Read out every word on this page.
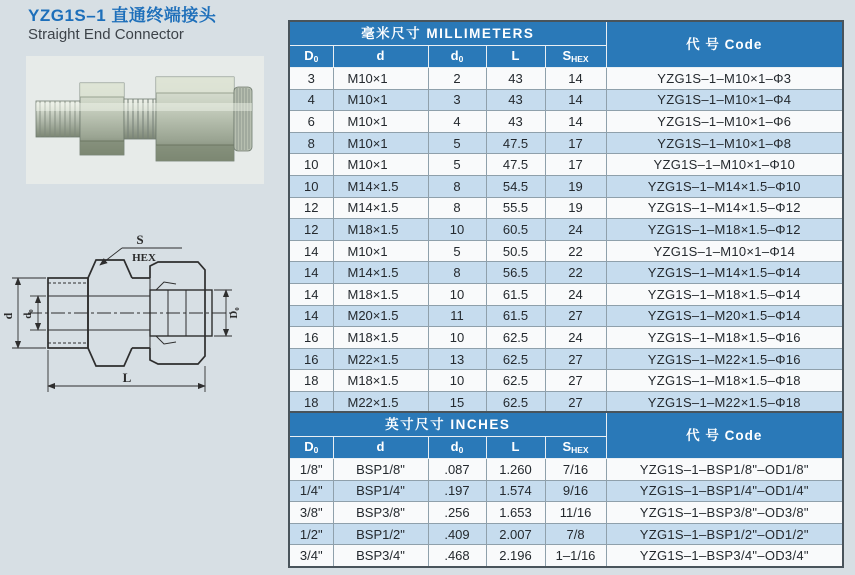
YZG1S–1 直通终端接头
Straight End Connector
S
HEX
d d₀	D₀
L
毫米尺寸 MILLIMETERS					代 号 Code
$D_0$	d	$d_0$	L	$S_{HEX}$
3	M10×1	2	43	14	YZG1S–1–M10×1–Φ3
4	M10×1	3	43	14	YZG1S–1–M10×1–Φ4
6	M10×1	4	43	14	YZG1S–1–M10×1–Φ6
8	M10×1	5	47.5	17	YZG1S–1–M10×1–Φ8
10	M10×1	5	47.5	17	YZG1S–1–M10×1–Φ10
10	M14×1.5	8	54.5	19	YZG1S–1–M14×1.5–Φ10
12	M14×1.5	8	55.5	19	YZG1S–1–M14×1.5–Φ12
12	M18×1.5	10	60.5	24	YZG1S–1–M18×1.5–Φ12
14	M10×1	5	50.5	22	YZG1S–1–M10×1–Φ14
14	M14×1.5	8	56.5	22	YZG1S–1–M14×1.5–Φ14
14	M18×1.5	10	61.5	24	YZG1S–1–M18×1.5–Φ14
14	M20×1.5	11	61.5	27	YZG1S–1–M20×1.5–Φ14
16	M18×1.5	10	62.5	24	YZG1S–1–M18×1.5–Φ16
16	M22×1.5	13	62.5	27	YZG1S–1–M22×1.5–Φ16
18	M18×1.5	10	62.5	27	YZG1S–1–M18×1.5–Φ18
18	M22×1.5	15	62.5	27	YZG1S–1–M22×1.5–Φ18
英寸尺寸 INCHES					代 号 Code
$D_0$	d	$d_0$	L	$S_{HEX}$
1/8"	BSP1/8"	.087	1.260	7/16	YZG1S–1–BSP1/8"–OD1/8"
1/4"	BSP1/4"	.197	1.574	9/16	YZG1S–1–BSP1/4"–OD1/4"
3/8"	BSP3/8"	.256	1.653	11/16	YZG1S–1–BSP3/8"–OD3/8"
1/2"	BSP1/2"	.409	2.007	7/8	YZG1S–1–BSP1/2"–OD1/2"
3/4"	BSP3/4"	.468	2.196	1–1/16	YZG1S–1–BSP3/4"–OD3/4"
